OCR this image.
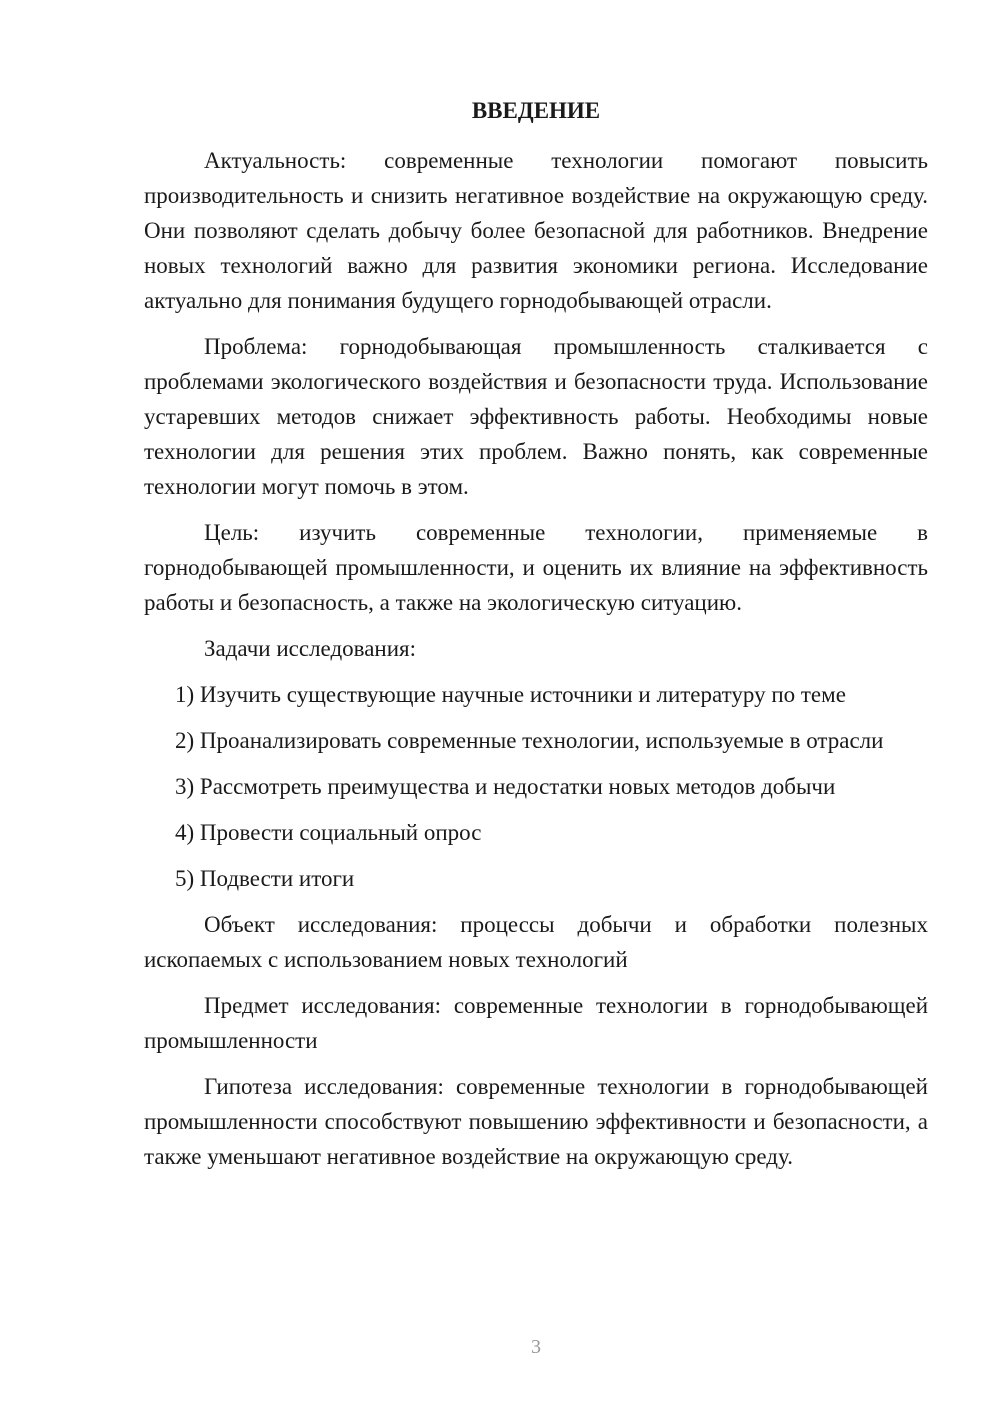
ВВЕДЕНИЕ

Актуальность: современные технологии помогают повысить производительность и снизить негативное воздействие на окружающую среду. Они позволяют сделать добычу более безопасной для работников. Внедрение новых технологий важно для развития экономики региона. Исследование актуально для понимания будущего горнодобывающей отрасли.

Проблема: горнодобывающая промышленность сталкивается с проблемами экологического воздействия и безопасности труда. Использование устаревших методов снижает эффективность работы. Необходимы новые технологии для решения этих проблем. Важно понять, как современные технологии могут помочь в этом.

Цель: изучить современные технологии, применяемые в горнодобывающей промышленности, и оценить их влияние на эффективность работы и безопасность, а также на экологическую ситуацию.

Задачи исследования:

1) Изучить существующие научные источники и литературу по теме

2) Проанализировать современные технологии, используемые в отрасли

3) Рассмотреть преимущества и недостатки новых методов добычи

4) Провести социальный опрос

5) Подвести итоги

Объект исследования: процессы добычи и обработки полезных ископаемых с использованием новых технологий

Предмет исследования: современные технологии в горнодобывающей промышленности

Гипотеза исследования: современные технологии в горнодобывающей промышленности способствуют повышению эффективности и безопасности, а также уменьшают негативное воздействие на окружающую среду.

3
